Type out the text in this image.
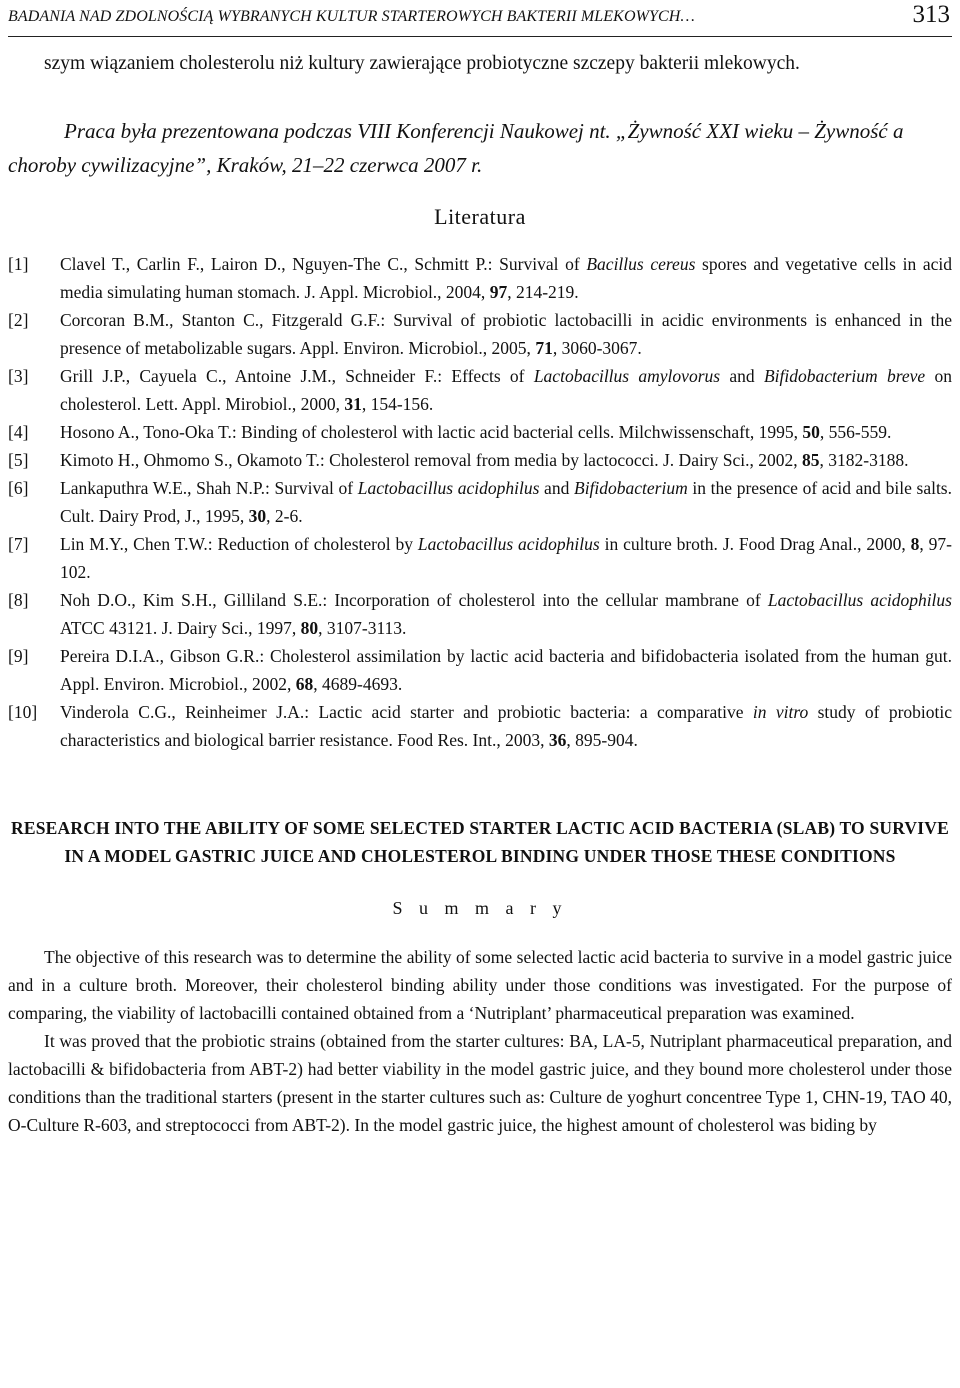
BADANIA NAD ZDOLNOŚCIĄ WYBRANYCH KULTUR STARTEROWYCH BAKTERII MLEKOWYCH…	313

szym wiązaniem cholesterolu niż kultury zawierające probiotyczne szczepy bakterii mlekowych.

Praca była prezentowana podczas VIII Konferencji Naukowej nt. „Żywność XXI wieku – Żywność a choroby cywilizacyjne”, Kraków, 21–22 czerwca 2007 r.

Literatura
[1]	Clavel T., Carlin F., Lairon D., Nguyen-The C., Schmitt P.: Survival of Bacillus cereus spores and vegetative cells in acid media simulating human stomach. J. Appl. Microbiol., 2004, 97, 214-219.
[2]	Corcoran B.M., Stanton C., Fitzgerald G.F.: Survival of probiotic lactobacilli in acidic environments is enhanced in the presence of metabolizable sugars. Appl. Environ. Microbiol., 2005, 71, 3060-3067.
[3]	Grill J.P., Cayuela C., Antoine J.M., Schneider F.: Effects of Lactobacillus amylovorus and Bifidobacterium breve on cholesterol. Lett. Appl. Mirobiol., 2000, 31, 154-156.
[4]	Hosono A., Tono-Oka T.: Binding of cholesterol with lactic acid bacterial cells. Milchwissenschaft, 1995, 50, 556-559.
[5]	Kimoto H., Ohmomo S., Okamoto T.: Cholesterol removal from media by lactococci. J. Dairy Sci., 2002, 85, 3182-3188.
[6]	Lankaputhra W.E., Shah N.P.: Survival of Lactobacillus acidophilus and Bifidobacterium in the presence of acid and bile salts. Cult. Dairy Prod, J., 1995, 30, 2-6.
[7]	Lin M.Y., Chen T.W.: Reduction of cholesterol by Lactobacillus acidophilus in culture broth. J. Food Drag Anal., 2000, 8, 97-102.
[8]	Noh D.O., Kim S.H., Gilliland S.E.: Incorporation of cholesterol into the cellular mambrane of Lactobacillus acidophilus ATCC 43121. J. Dairy Sci., 1997, 80, 3107-3113.
[9]	Pereira D.I.A., Gibson G.R.: Cholesterol assimilation by lactic acid bacteria and bifidobacteria isolated from the human gut. Appl. Environ. Microbiol., 2002, 68, 4689-4693.
[10]	Vinderola C.G., Reinheimer J.A.: Lactic acid starter and probiotic bacteria: a comparative in vitro study of probiotic characteristics and biological barrier resistance. Food Res. Int., 2003, 36, 895-904.
RESEARCH INTO THE ABILITY OF SOME SELECTED STARTER LACTIC ACID BACTERIA (SLAB) TO SURVIVE IN A MODEL GASTRIC JUICE AND CHOLESTEROL BINDING UNDER THOSE THESE CONDITIONS
S u m m a r y

The objective of this research was to determine the ability of some selected lactic acid bacteria to survive in a model gastric juice and in a culture broth. Moreover, their cholesterol binding ability under those conditions was investigated. For the purpose of comparing, the viability of lactobacilli contained obtained from a ‘Nutriplant’ pharmaceutical preparation was examined.

It was proved that the probiotic strains (obtained from the starter cultures: BA, LA-5, Nutriplant pharmaceutical preparation, and lactobacilli & bifidobacteria from ABT-2) had better viability in the model gastric juice, and they bound more cholesterol under those conditions than the traditional starters (present in the starter cultures such as: Culture de yoghurt concentree Type 1, CHN-19, TAO 40, O-Culture R-603, and streptococci from ABT-2). In the model gastric juice, the highest amount of cholesterol was biding by
